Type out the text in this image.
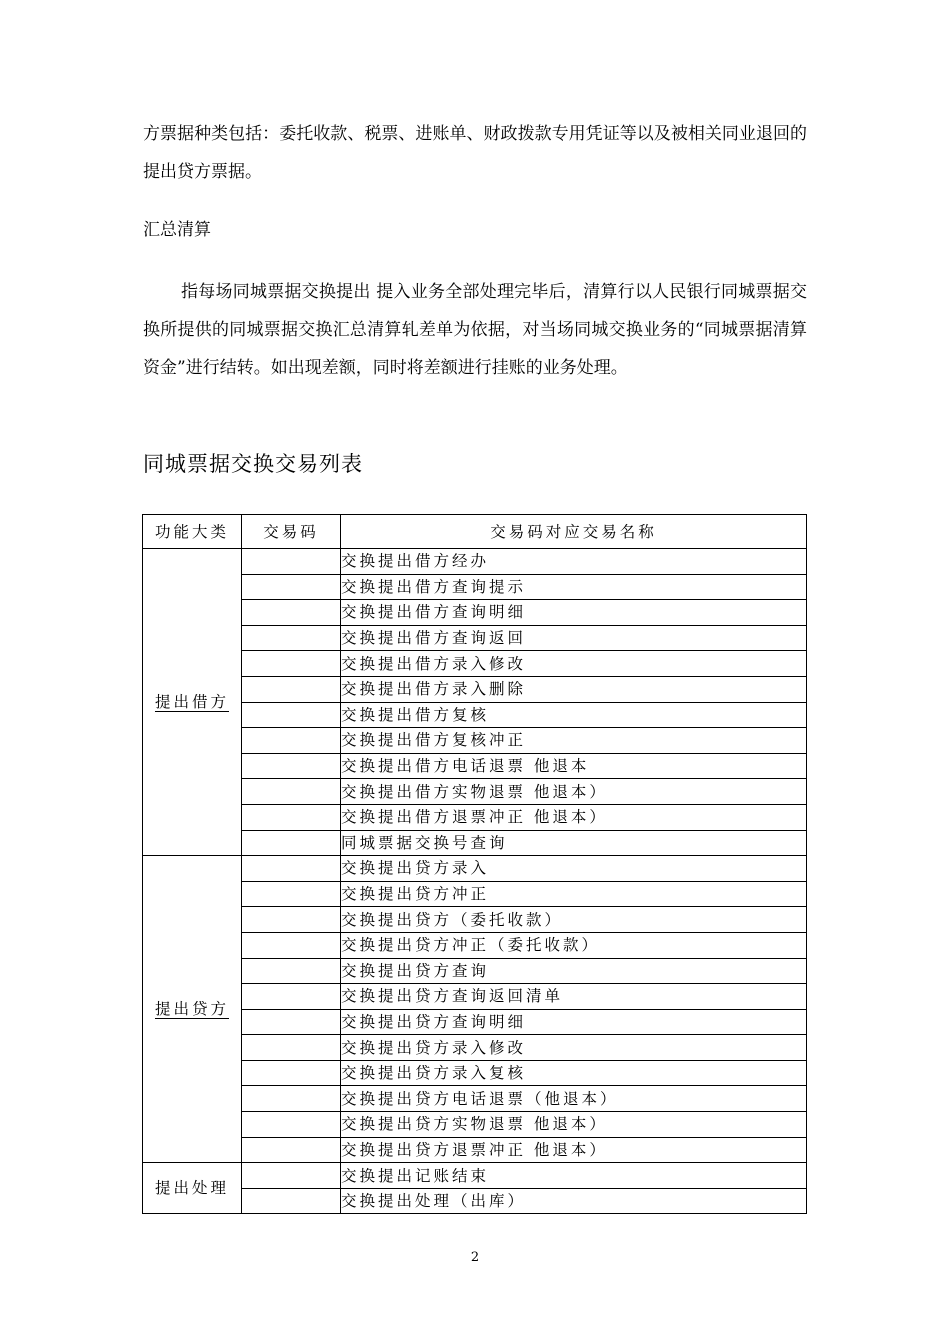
方票据种类包括：委托收款、税票、进账单、财政拨款专用凭证等以及被相关同业退回的提出贷方票据。

汇总清算

指每场同城票据交换提出 提入业务全部处理完毕后，清算行以人民银行同城票据交换所提供的同城票据交换汇总清算轧差单为依据，对当场同城交换业务的“同城票据清算资金”进行结转。如出现差额，同时将差额进行挂账的业务处理。

同城票据交换交易列表
功能大类	交易码	交易码对应交易名称
提出借方		交换提出借方经办
		交换提出借方查询提示
		交换提出借方查询明细
		交换提出借方查询返回
		交换提出借方录入修改
		交换提出借方录入删除
		交换提出借方复核
		交换提出借方复核冲正
		交换提出借方电话退票 他退本
		交换提出借方实物退票 他退本）
		交换提出借方退票冲正 他退本）
		同城票据交换号查询
提出贷方		交换提出贷方录入
		交换提出贷方冲正
		交换提出贷方（委托收款）
		交换提出贷方冲正（委托收款）
		交换提出贷方查询
		交换提出贷方查询返回清单
		交换提出贷方查询明细
		交换提出贷方录入修改
		交换提出贷方录入复核
		交换提出贷方电话退票（他退本）
		交换提出贷方实物退票 他退本）
		交换提出贷方退票冲正 他退本）
提出处理		交换提出记账结束
		交换提出处理（出库）

2
